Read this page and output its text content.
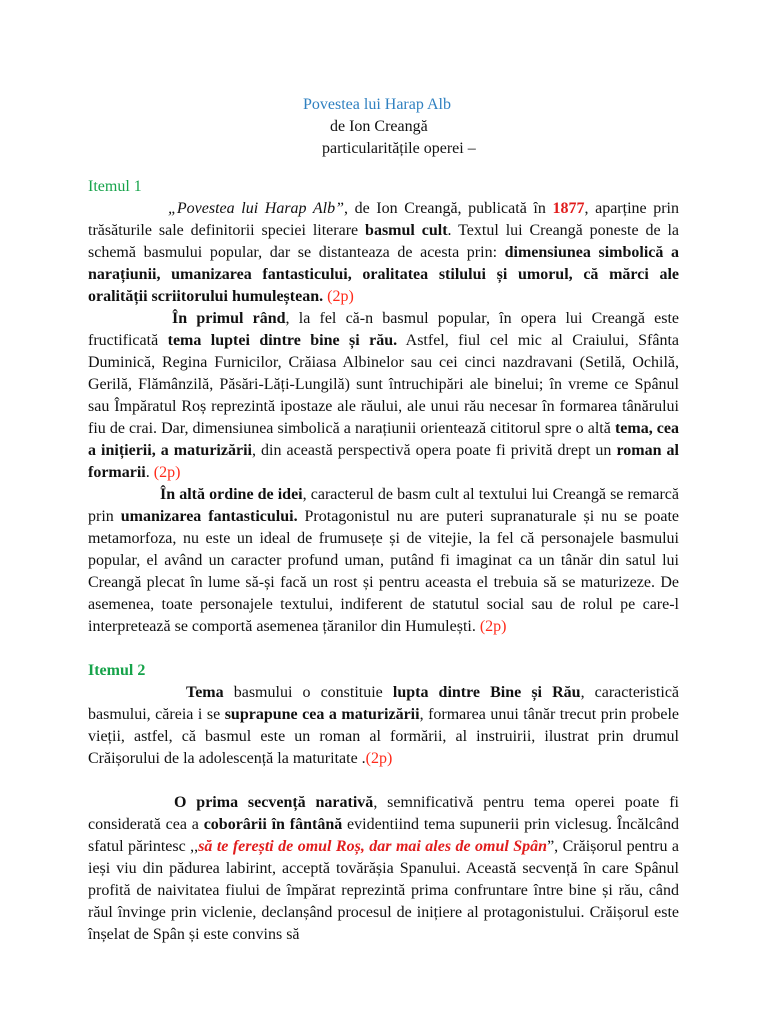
Povestea lui Harap Alb
de Ion Creangă
particularitățile operei –
Itemul 1

„Povestea lui Harap Alb”, de Ion Creangă, publicată în 1877, aparține prin trăsăturile sale definitorii speciei literare basmul cult. Textul lui Creangă poneste de la schemă basmului popular, dar se distanteaza de acesta prin: dimensiunea simbolică a narațiunii, umanizarea fantasticului, oralitatea stilului și umorul, că mărci ale oralității scriitorului humuleștean. (2p)

În primul rând, la fel că-n basmul popular, în opera lui Creangă este fructificată tema luptei dintre bine și rău. Astfel, fiul cel mic al Craiului, Sfânta Duminică, Regina Furnicilor, Crăiasa Albinelor sau cei cinci nazdravani (Setilă, Ochilă, Gerilă, Flămânzilă, Păsări-Lăți-Lungilă) sunt întruchipări ale binelui; în vreme ce Spânul sau Împăratul Roș reprezintă ipostaze ale răului, ale unui rău necesar în formarea tânărului fiu de crai. Dar, dimensiunea simbolică a narațiunii orientează cititorul spre o altă tema, cea a inițierii, a maturizării, din această perspectivă opera poate fi privită drept un roman al formarii. (2p)

În altă ordine de idei, caracterul de basm cult al textului lui Creangă se remarcă prin umanizarea fantasticului. Protagonistul nu are puteri supranaturale și nu se poate metamorfoza, nu este un ideal de frumusețe și de vitejie, la fel că personajele basmului popular, el având un caracter profund uman, putând fi imaginat ca un tânăr din satul lui Creangă plecat în lume să-și facă un rost și pentru aceasta el trebuia să se maturizeze. De asemenea, toate personajele textului, indiferent de statutul social sau de rolul pe care-l interpretează se comportă asemenea țăranilor din Humulești. (2p)

Itemul 2

Tema basmului o constituie lupta dintre Bine și Rău, caracteristică basmului, căreia i se suprapune cea a maturizării, formarea unui tânăr trecut prin probele vieții, astfel, că basmul este un roman al formării, al instruirii, ilustrat prin drumul Crăișorului de la adolescență la maturitate .(2p)

O prima secvență narativă, semnificativă pentru tema operei poate fi considerată cea a coborârii în fântână evidentiind tema supunerii prin viclesug. Încălcând sfatul părintesc ,,să te ferești de omul Roș, dar mai ales de omul Spân”, Crăișorul pentru a ieși viu din pădurea labirint, acceptă tovărășia Spanului. Această secvență în care Spânul profită de naivitatea fiului de împărat reprezintă prima confruntare între bine și rău, când răul învinge prin viclenie, declanșând procesul de inițiere al protagonistului. Crăișorul este înșelat de Spân și este convins să
